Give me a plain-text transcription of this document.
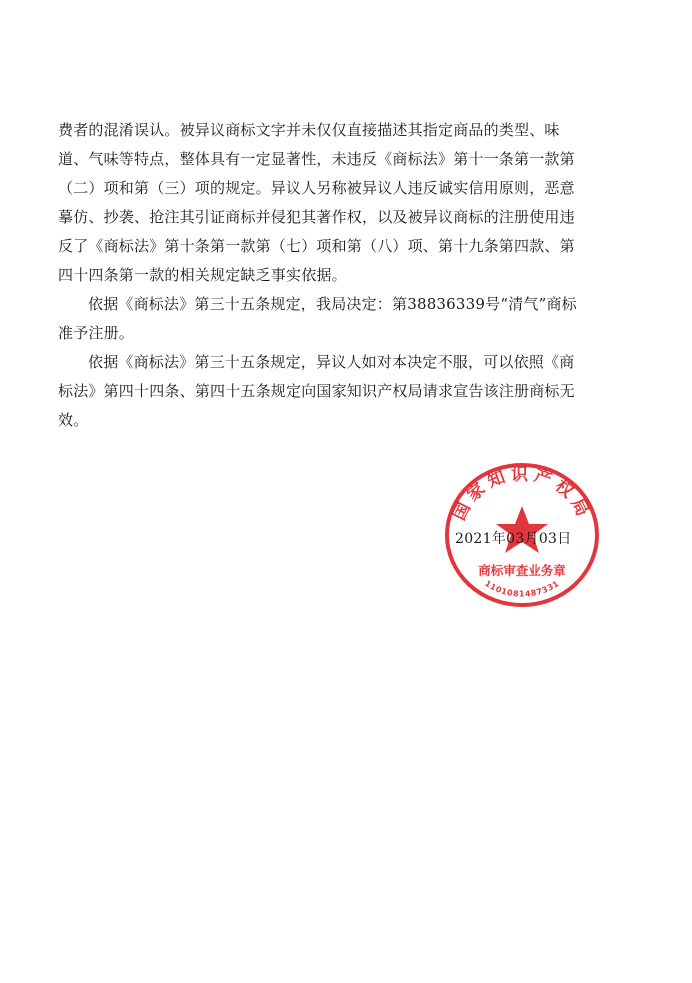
费者的混淆误认。被异议商标文字并未仅仅直接描述其指定商品的类型、味
道、气味等特点，整体具有一定显著性，未违反《商标法》第十一条第一款第
（二）项和第（三）项的规定。异议人另称被异议人违反诚实信用原则，恶意
摹仿、抄袭、抢注其引证商标并侵犯其著作权，以及被异议商标的注册使用违
反了《商标法》第十条第一款第（七）项和第（八）项、第十九条第四款、第
四十四条第一款的相关规定缺乏事实依据。
依据《商标法》第三十五条规定，我局决定：第38836339号“清气”商标
准予注册。
依据《商标法》第三十五条规定，异议人如对本决定不服，可以依照《商
标法》第四十四条、第四十五条规定向国家知识产权局请求宣告该注册商标无
效。
国家知识产权局
商标审查业务章
1101081487331
2021年03月03日
